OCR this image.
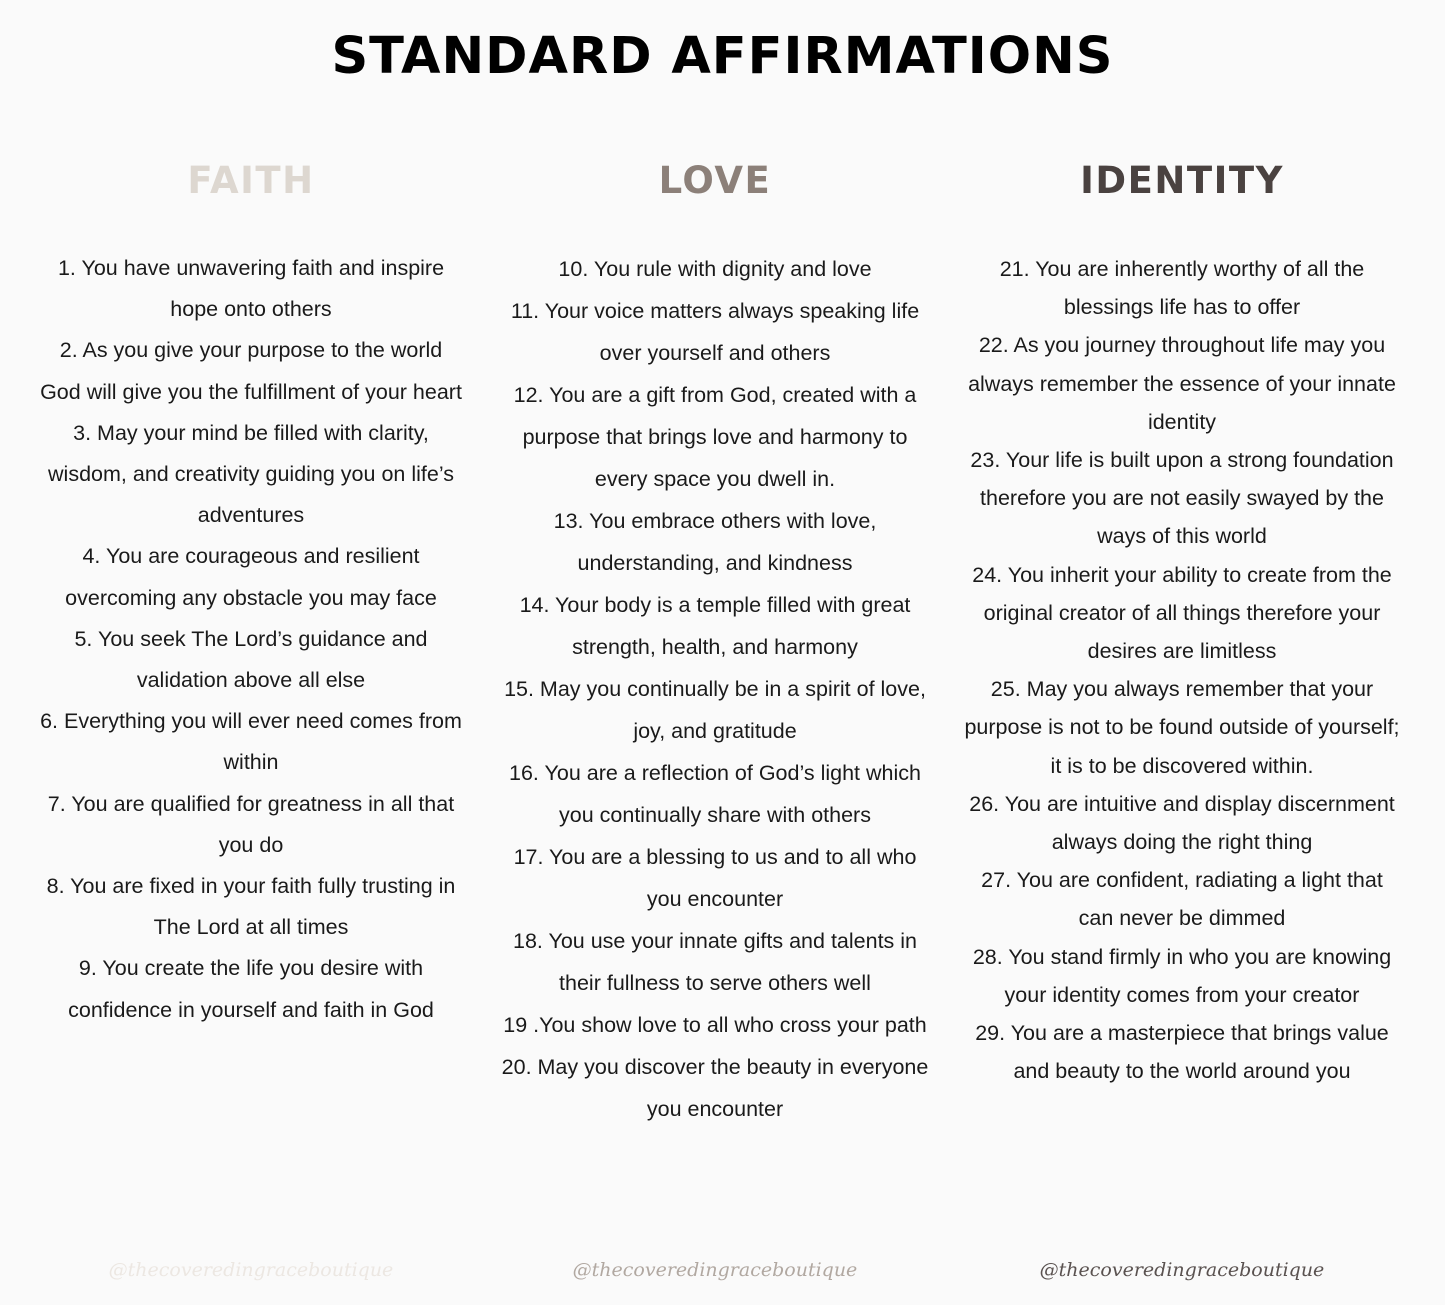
STANDARD AFFIRMATIONS
FAITH
1. You have unwavering faith and inspire hope onto others
2. As you give your purpose to the world God will give you the fulfillment of your heart
3. May your mind be filled with clarity, wisdom, and creativity guiding you on life’s adventures
4. You are courageous and resilient overcoming any obstacle you may face
5. You seek The Lord’s guidance and validation above all else
6. Everything you will ever need comes from within
7. You are qualified for greatness in all that you do
8. You are fixed in your faith fully trusting in The Lord at all times
9. You create the life you desire with confidence in yourself and faith in God
@thecoveredingraceboutique
LOVE
10. You rule with dignity and love
11. Your voice matters always speaking life over yourself and others
12. You are a gift from God, created with a purpose that brings love and harmony to every space you dwell in.
13. You embrace others with love, understanding, and kindness
14. Your body is a temple filled with great strength, health, and harmony
15. May you continually be in a spirit of love, joy, and gratitude
16. You are a reflection of God’s light which you continually share with others
17. You are a blessing to us and to all who you encounter
18. You use your innate gifts and talents in their fullness to serve others well
19 .You show love to all who cross your path
20. May you discover the beauty in everyone you encounter
@thecoveredingraceboutique
IDENTITY
21. You are inherently worthy of all the blessings life has to offer
22. As you journey throughout life may you always remember the essence of your innate identity
23. Your life is built upon a strong foundation therefore you are not easily swayed by the ways of this world
24. You inherit your ability to create from the original creator of all things therefore your desires are limitless
25. May you always remember that your purpose is not to be found outside of yourself; it is to be discovered within.
26. You are intuitive and display discernment always doing the right thing
27. You are confident, radiating a light that can never be dimmed
28. You stand firmly in who you are knowing your identity comes from your creator
29. You are a masterpiece that brings value and beauty to the world around you
@thecoveredingraceboutique
